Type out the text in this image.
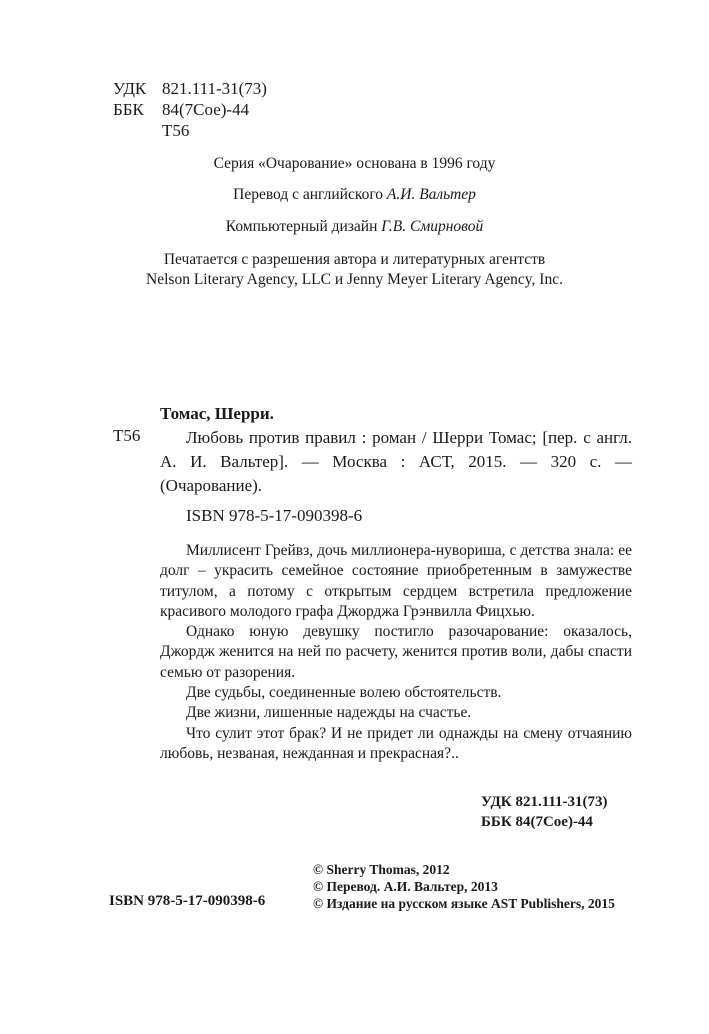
УДК 821.111-31(73)
ББК	84(7Сое)-44
Т56
Серия «Очарование» основана в 1996 году
Перевод с английского А.И. Вальтер
Компьютерный дизайн Г.В. Смирновой
Печатается с разрешения автора и литературных агентств
Nelson Literary Agency, LLC и Jenny Meyer Literary Agency, Inc.
Томас, Шерри.
Любовь против правил : роман / Шерри Томас; [пер. с англ. А. И. Вальтер]. — Москва : АСТ, 2015. — 320 с. — (Очарование).
Т56
ISBN 978-5-17-090398-6

Миллисент Грейвз, дочь миллионера-нувориша, с детства знала: ее долг – украсить семейное состояние приобретенным в замужестве титулом, а потому с открытым сердцем встретила предложение красивого молодого графа Джорджа Грэнвилла Фицхью.

Однако юную девушку постигло разочарование: оказалось, Джордж женится на ней по расчету, женится против воли, дабы спасти семью от разорения.

Две судьбы, соединенные волею обстоятельств.

Две жизни, лишенные надежды на счастье.

Что сулит этот брак? И не придет ли однажды на смену отчаянию любовь, незваная, нежданная и прекрасная?..

УДК 821.111-31(73)
ББК 84(7Сое)-44
© Sherry Thomas, 2012
© Перевод. А.И. Вальтер, 2013
© Издание на русском языке AST Publishers, 2015
ISBN 978-5-17-090398-6
